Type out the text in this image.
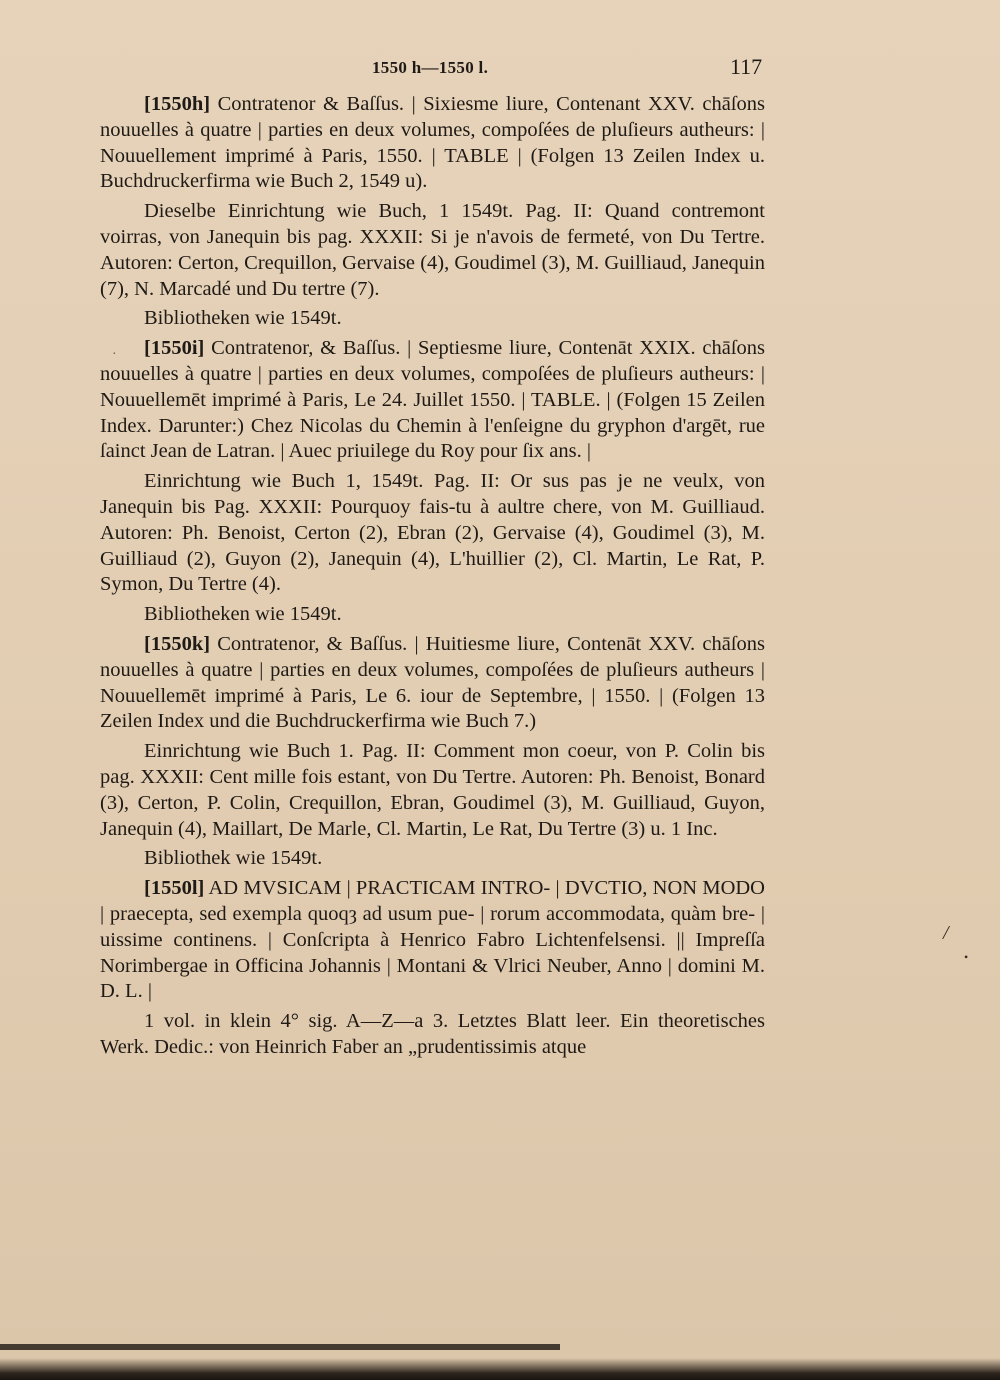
1550 h—1550 l.	117

[1550h] Contratenor & Baſſus. | Sixiesme liure, Contenant XXV. chāſons nouuelles à quatre | parties en deux volumes, compoſées de pluſieurs autheurs: | Nouuellement imprimé à Paris, 1550. | TABLE | (Folgen 13 Zeilen Index u. Buchdruckerfirma wie Buch 2, 1549 u).

Dieselbe Einrichtung wie Buch, 1 1549t. Pag. II: Quand contremont voirras, von Janequin bis pag. XXXII: Si je n'avois de fermeté, von Du Tertre. Autoren: Certon, Crequillon, Gervaise (4), Goudimel (3), M. Guilliaud, Janequin (7), N. Marcadé und Du tertre (7).

Bibliotheken wie 1549t.

[1550i] Contratenor, & Baſſus. | Septiesme liure, Contenāt XXIX. chāſons nouuelles à quatre | parties en deux volumes, compoſées de pluſieurs autheurs: | Nouuellemēt imprimé à Paris, Le 24. Juillet 1550. | TABLE. | (Folgen 15 Zeilen Index. Darunter:) Chez Nicolas du Chemin à l'enſeigne du gryphon d'argēt, rue ſainct Jean de Latran. | Auec priuilege du Roy pour ſix ans. |

Einrichtung wie Buch 1, 1549t. Pag. II: Or sus pas je ne veulx, von Janequin bis Pag. XXXII: Pourquoy fais-tu à aultre chere, von M. Guilliaud. Autoren: Ph. Benoist, Certon (2), Ebran (2), Gervaise (4), Goudimel (3), M. Guilliaud (2), Guyon (2), Janequin (4), L'huillier (2), Cl. Martin, Le Rat, P. Symon, Du Tertre (4).

Bibliotheken wie 1549t.

[1550k] Contratenor, & Baſſus. | Huitiesme liure, Contenāt XXV. chāſons nouuelles à quatre | parties en deux volumes, compoſées de pluſieurs autheurs | Nouuellemēt imprimé à Paris, Le 6. iour de Septembre, | 1550. | (Folgen 13 Zeilen Index und die Buchdruckerfirma wie Buch 7.)

Einrichtung wie Buch 1. Pag. II: Comment mon coeur, von P. Colin bis pag. XXXII: Cent mille fois estant, von Du Tertre. Autoren: Ph. Benoist, Bonard (3), Certon, P. Colin, Crequillon, Ebran, Goudimel (3), M. Guilliaud, Guyon, Janequin (4), Maillart, De Marle, Cl. Martin, Le Rat, Du Tertre (3) u. 1 Inc.

Bibliothek wie 1549t.

[1550l] AD MVSICAM | PRACTICAM INTRO- | DVCTIO, NON MODO | praecepta, sed exempla quoqȝ ad usum pue- | rorum accommodata, quàm bre- | uissime continens. | Conſcripta à Henrico Fabro Lichtenfelsensi. || Impreſſa Norimbergae in Officina Johannis | Montani & Vlrici Neuber, Anno | domini M. D. L. |

1 vol. in klein 4° sig. A—Z—a 3. Letztes Blatt leer. Ein theoretisches Werk. Dedic.: von Heinrich Faber an „prudentissimis atque

·
/
•
